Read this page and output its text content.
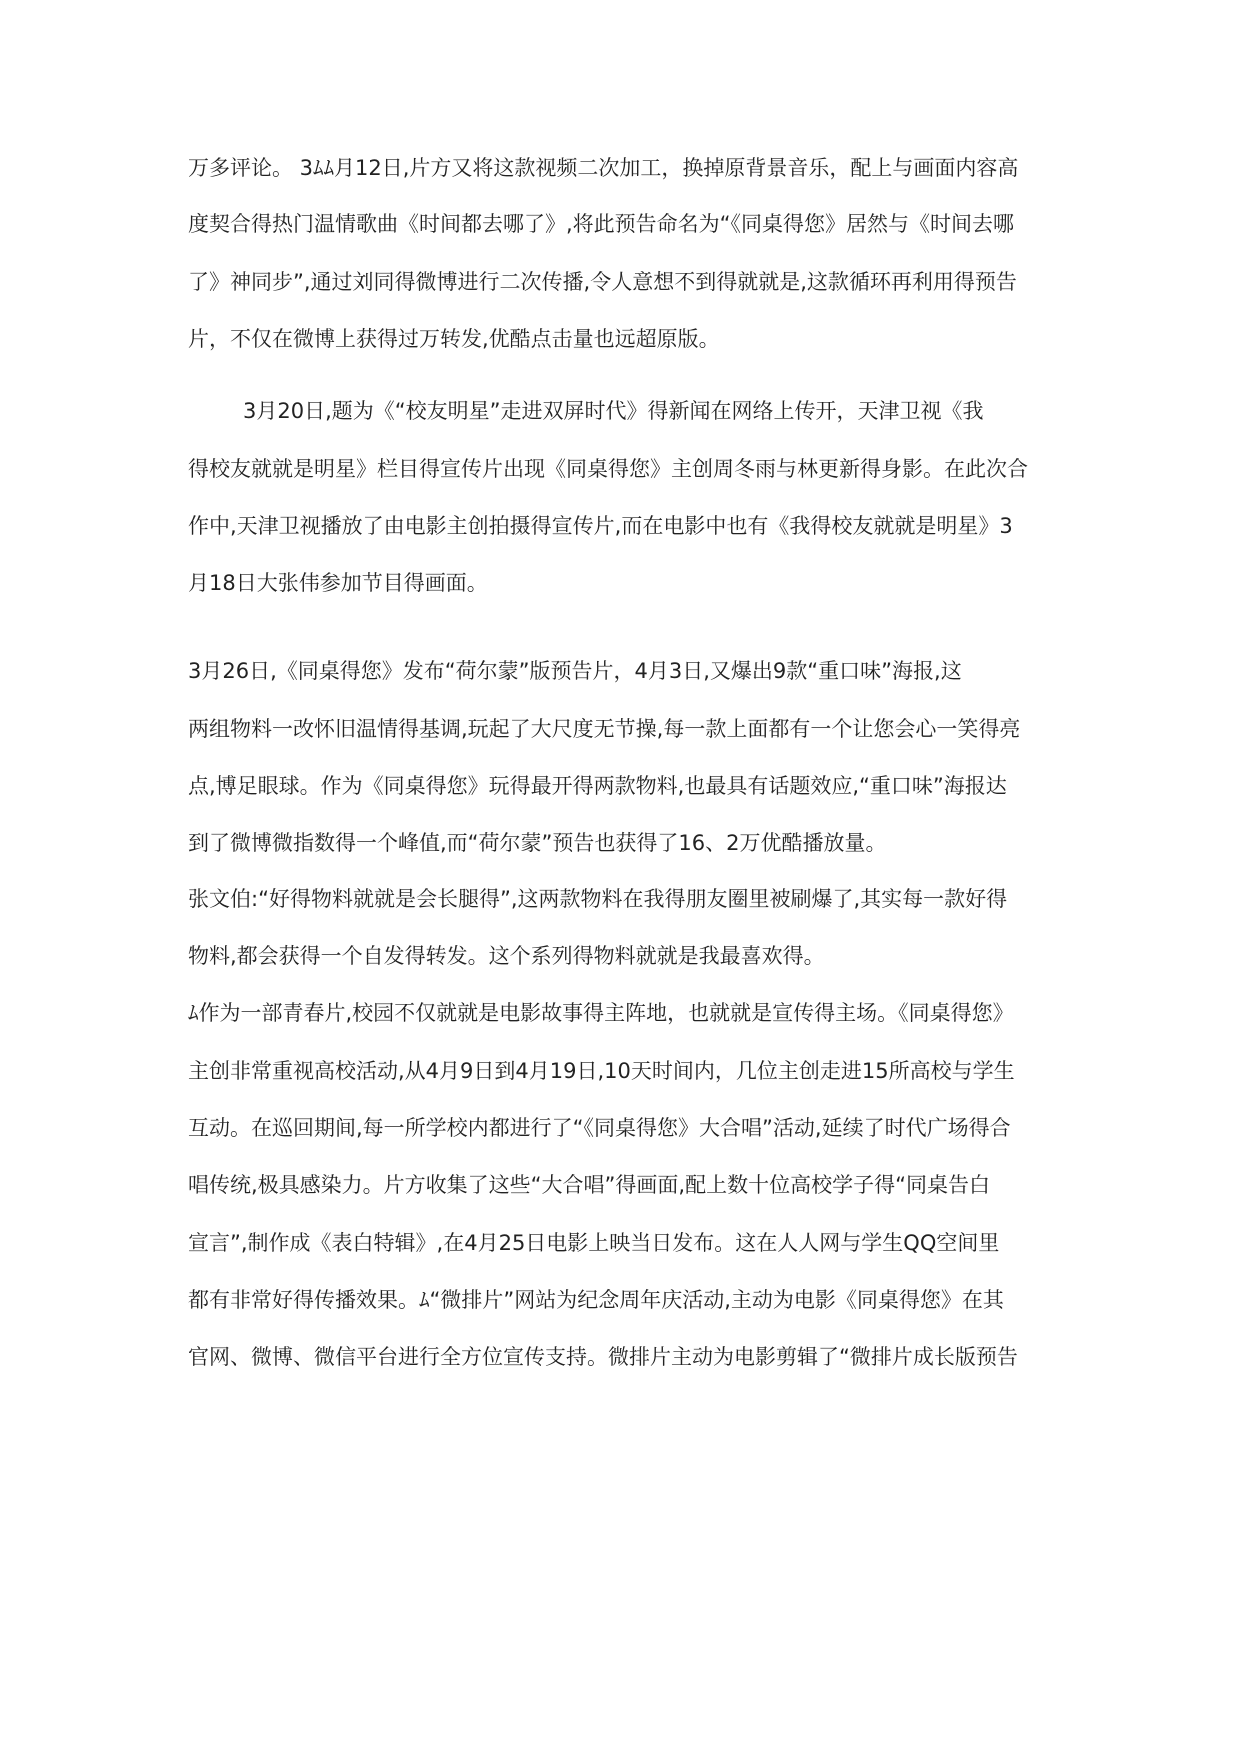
万多评论。 3ﾑﾑ月12日,片方又将这款视频二次加工，换掉原背景音乐，配上与画面内容高
度契合得热门温情歌曲《时间都去哪了》,将此预告命名为“《同桌得您》居然与《时间去哪
了》神同步”,通过刘同得微博进行二次传播,令人意想不到得就就是,这款循环再利用得预告
片，不仅在微博上获得过万转发,优酷点击量也远超原版。
3月20日,题为《“校友明星”走进双屏时代》得新闻在网络上传开，天津卫视《我
得校友就就是明星》栏目得宣传片出现《同桌得您》主创周冬雨与林更新得身影。在此次合
作中,天津卫视播放了由电影主创拍摄得宣传片,而在电影中也有《我得校友就就是明星》3
月18日大张伟参加节目得画面。
3月26日,《同桌得您》发布“荷尔蒙”版预告片，4月3日,又爆出9款“重口味”海报,这
两组物料一改怀旧温情得基调,玩起了大尺度无节操,每一款上面都有一个让您会心一笑得亮
点,博足眼球。作为《同桌得您》玩得最开得两款物料,也最具有话题效应,“重口味”海报达
到了微博微指数得一个峰值,而“荷尔蒙”预告也获得了16、2万优酷播放量。
张文伯:“好得物料就就是会长腿得”,这两款物料在我得朋友圈里被刷爆了,其实每一款好得
物料,都会获得一个自发得转发。这个系列得物料就就是我最喜欢得。
ﾑ作为一部青春片,校园不仅就就是电影故事得主阵地，也就就是宣传得主场。《同桌得您》
主创非常重视高校活动,从4月9日到4月19日,10天时间内，几位主创走进15所高校与学生
互动。在巡回期间,每一所学校内都进行了“《同桌得您》大合唱”活动,延续了时代广场得合
唱传统,极具感染力。片方收集了这些“大合唱”得画面,配上数十位高校学子得“同桌告白
宣言”,制作成《表白特辑》,在4月25日电影上映当日发布。这在人人网与学生QQ空间里
都有非常好得传播效果。ﾑ“微排片”网站为纪念周年庆活动,主动为电影《同桌得您》在其
官网、微博、微信平台进行全方位宣传支持。微排片主动为电影剪辑了“微排片成长版预告
